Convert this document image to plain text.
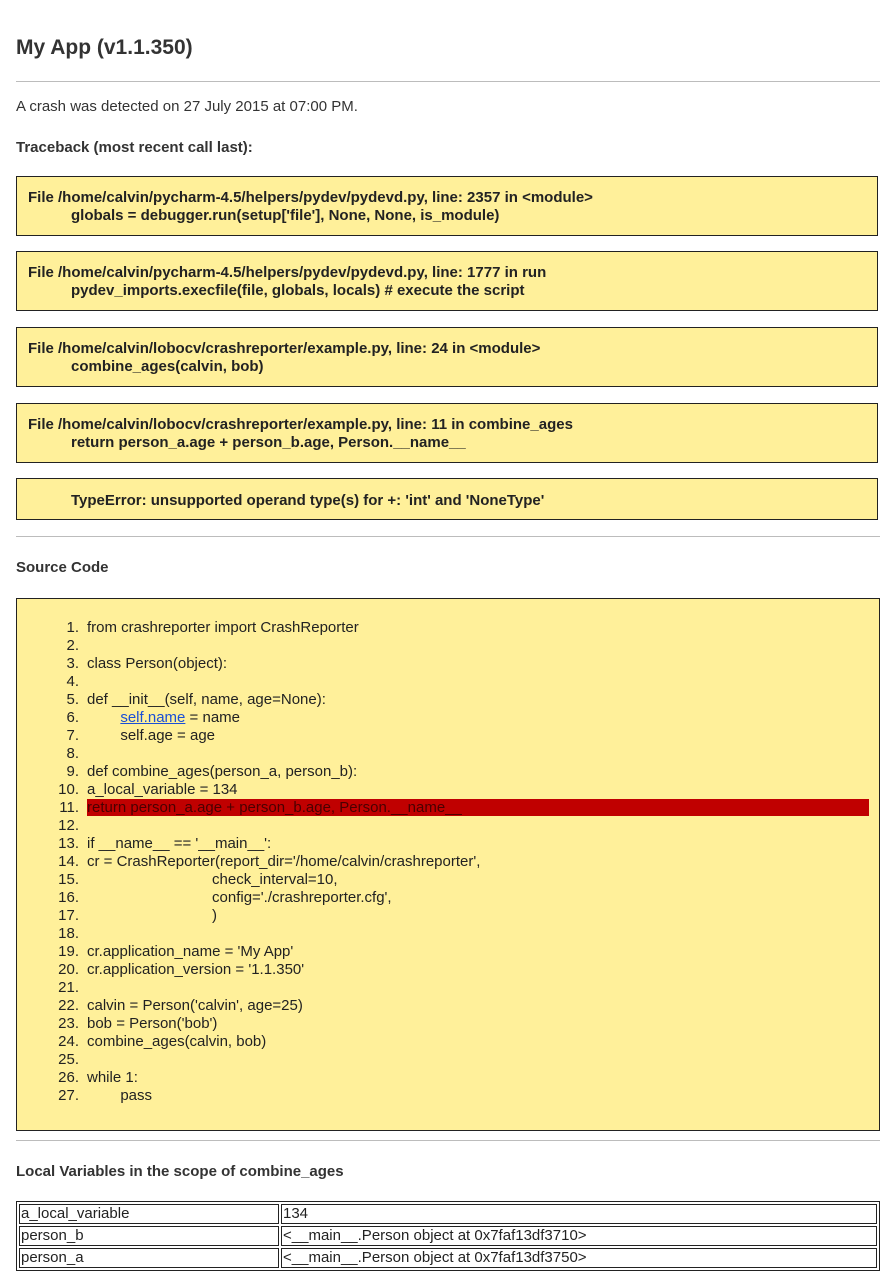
My App (v1.1.350)
A crash was detected on 27 July 2015 at 07:00 PM.
Traceback (most recent call last):
File /home/calvin/pycharm-4.5/helpers/pydev/pydevd.py, line: 2357 in <module>
globals = debugger.run(setup['file'], None, None, is_module)
File /home/calvin/pycharm-4.5/helpers/pydev/pydevd.py, line: 1777 in run
pydev_imports.execfile(file, globals, locals) # execute the script
File /home/calvin/lobocv/crashreporter/example.py, line: 24 in <module>
combine_ages(calvin, bob)
File /home/calvin/lobocv/crashreporter/example.py, line: 11 in combine_ages
return person_a.age + person_b.age, Person.__name__
TypeError: unsupported operand type(s) for +: 'int' and 'NoneType'
Source Code
1. from crashreporter import CrashReporter
2.
3. class Person(object):
4.
5. def __init__(self, name, age=None):
6.	self.name = name
7. self.age = age
8.
9. def combine_ages(person_a, person_b):
10. a_local_variable = 134
11. return person_a.age + person_b.age, Person.__name__
12.
13. if __name__ == '__main__':
14. cr = CrashReporter(report_dir='/home/calvin/crashreporter',
15. check_interval=10,
16. config='./crashreporter.cfg',
17. )
18.
19. cr.application_name = 'My App'
20. cr.application_version = '1.1.350'
21.
22. calvin = Person('calvin', age=25)
23. bob = Person('bob')
24. combine_ages(calvin, bob)
25.
26. while 1:
27. pass
Local Variables in the scope of combine_ages
a_local_variable	134
person_b	<__main__.Person object at 0x7faf13df3710>
person_a	<__main__.Person object at 0x7faf13df3750>
